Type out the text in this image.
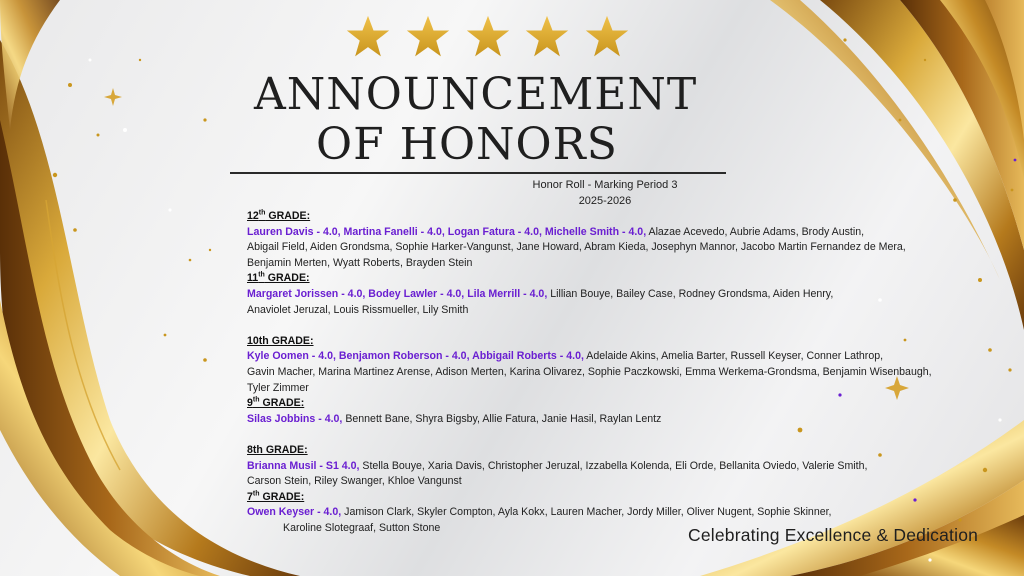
ANNOUNCEMENT
OF HONORS
Honor Roll - Marking Period 3
2025-2026
12th GRADE:
Lauren Davis - 4.0, Martina Fanelli - 4.0, Logan Fatura - 4.0, Michelle Smith - 4.0, Alazae Acevedo, Aubrie Adams, Brody Austin,
Abigail Field, Aiden Grondsma, Sophie Harker-Vangunst, Jane Howard, Abram Kieda, Josephyn Mannor, Jacobo Martin Fernandez de Mera,
Benjamin Merten, Wyatt Roberts, Brayden Stein
11th GRADE:
Margaret Jorissen - 4.0, Bodey Lawler - 4.0, Lila Merrill - 4.0, Lillian Bouye, Bailey Case, Rodney Grondsma, Aiden Henry,
Anaviolet Jeruzal, Louis Rissmueller, Lily Smith
10th GRADE:
Kyle Oomen - 4.0, Benjamon Roberson - 4.0, Abbigail Roberts - 4.0, Adelaide Akins, Amelia Barter, Russell Keyser, Conner Lathrop,
Gavin Macher, Marina Martinez Arense, Adison Merten, Karina Olivarez, Sophie Paczkowski, Emma Werkema-Grondsma, Benjamin Wisenbaugh,
Tyler Zimmer
9th GRADE:
Silas Jobbins - 4.0, Bennett Bane, Shyra Bigsby, Allie Fatura, Janie Hasil, Raylan Lentz
8th GRADE:
Brianna Musil - S1 4.0, Stella Bouye, Xaria Davis, Christopher Jeruzal, Izzabella Kolenda, Eli Orde, Bellanita Oviedo, Valerie Smith,
Carson Stein, Riley Swanger, Khloe Vangunst
7th GRADE:
Owen Keyser - 4.0, Jamison Clark, Skyler Compton, Ayla Kokx, Lauren Macher, Jordy Miller, Oliver Nugent, Sophie Skinner,
Karoline Slotegraaf, Sutton Stone	Celebrating Excellence & Dedication
